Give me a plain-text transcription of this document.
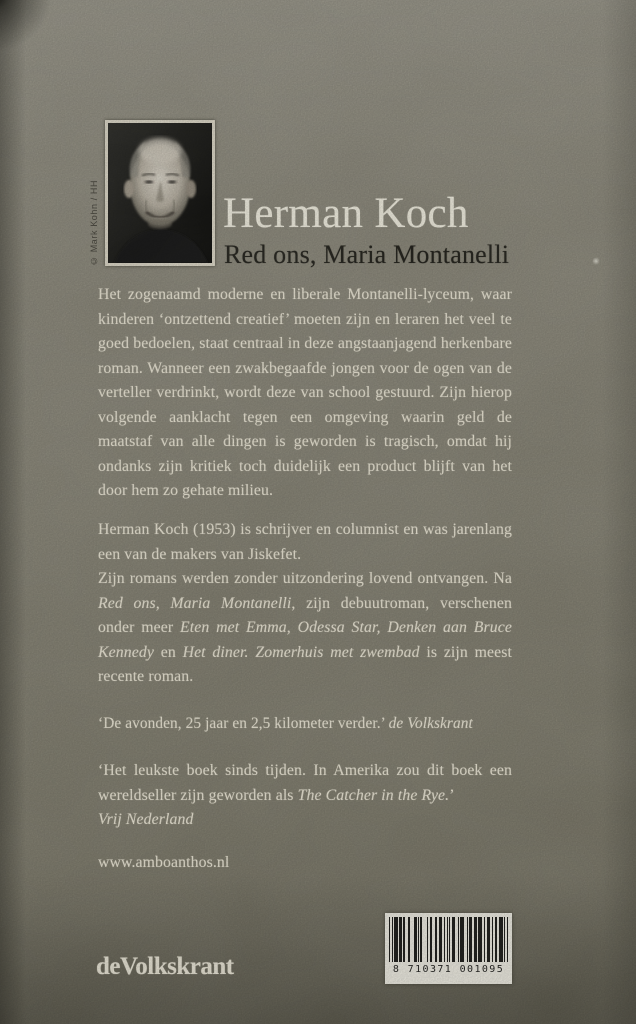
© Mark Kohn / HH	Herman Koch
Red ons, Maria Montanelli
Het zogenaamd moderne en liberale Montanelli-lyceum, waar kinderen ‘ontzettend creatief’ moeten zijn en leraren het veel te goed bedoelen, staat centraal in deze angstaanjagend herkenbare roman. Wanneer een zwakbegaafde jongen voor de ogen van de verteller verdrinkt, wordt deze van school gestuurd. Zijn hierop volgende aanklacht tegen een omgeving waarin geld de maatstaf van alle dingen is geworden is tragisch, omdat hij ondanks zijn kritiek toch duidelijk een product blijft van het door hem zo gehate milieu.

Herman Koch (1953) is schrijver en columnist en was jarenlang een van de makers van Jiskefet.

Zijn romans werden zonder uitzondering lovend ontvangen. Na Red ons, Maria Montanelli, zijn debuutroman, verschenen onder meer Eten met Emma, Odessa Star, Denken aan Bruce Kennedy en Het diner. Zomerhuis met zwembad is zijn meest recente roman.

‘De avonden, 25 jaar en 2,5 kilometer verder.’ de Volkskrant

‘Het leukste boek sinds tijden. In Amerika zou dit boek een wereldseller zijn geworden als The Catcher in the Rye.’

Vrij Nederland

www.amboanthos.nl
deVolkskrant	8 710371 001095
